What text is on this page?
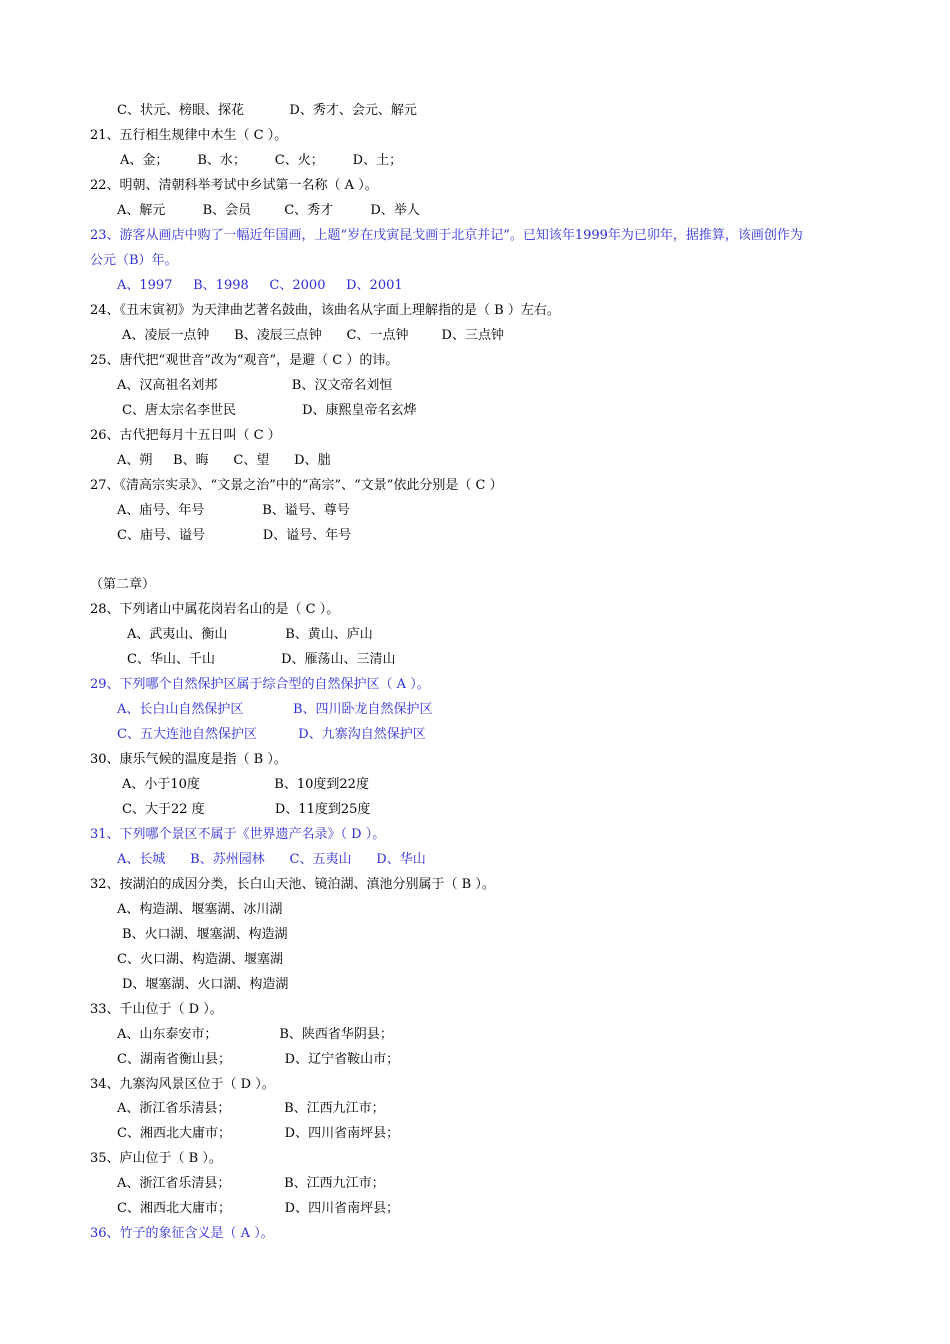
C、状元、榜眼、探花           D、秀才、会元、解元
21、五行相生规律中木生（ C ）。
A、金；       B、水；       C、火；       D、土；
22、明朝、清朝科举考试中乡试第一名称（ A ）。
A、解元         B、会员        C、秀才         D、举人
23、游客从画店中购了一幅近年国画，上题“岁在戊寅昆戈画于北京并记”。已知该年1999年为已卯年，据推算，该画创作为
公元（B）年。
A、1997     B、1998     C、2000     D、2001
24、《丑末寅初》为天津曲艺著名鼓曲，该曲名从字面上理解指的是（ B ）左右。
A、凌辰一点钟      B、凌辰三点钟      C、一点钟        D、三点钟
25、唐代把“观世音”改为“观音”，是避（ C ）的讳。
A、汉高祖名刘邦                  B、汉文帝名刘恒
C、唐太宗名李世民                D、康熙皇帝名玄烨
26、古代把每月十五日叫（ C ）
A、朔     B、晦      C、望      D、朏
27、《清高宗实录》、“文景之治”中的“高宗”、“文景”依此分别是（ C ）
A、庙号、年号              B、谥号、尊号
C、庙号、谥号              D、谥号、年号
（第二章）
28、下列诸山中属花岗岩名山的是（ C ）。
A、武夷山、衡山              B、黄山、庐山
C、华山、千山                D、雁荡山、三清山
29、下列哪个自然保护区属于综合型的自然保护区（ A ）。
A、长白山自然保护区            B、四川卧龙自然保护区
C、五大连池自然保护区          D、九寨沟自然保护区
30、康乐气候的温度是指（ B ）。
A、小于10度                  B、10度到22度
C、大于22 度                 D、11度到25度
31、下列哪个景区不属于《世界遗产名录》（ D ）。
A、长城      B、苏州园林      C、五夷山      D、华山
32、按湖泊的成因分类，长白山天池、镜泊湖、滇池分别属于（ B ）。
A、构造湖、堰塞湖、冰川湖
B、火口湖、堰塞湖、构造湖
C、火口湖、构造湖、堰塞湖
D、堰塞湖、火口湖、构造湖
33、千山位于（ D ）。
A、山东泰安市；               B、陕西省华阴县；
C、湖南省衡山县；             D、辽宁省鞍山市；
34、九寨沟风景区位于（ D ）。
A、浙江省乐清县；             B、江西九江市；
C、湘西北大庸市；             D、四川省南坪县；
35、庐山位于（ B ）。
A、浙江省乐清县；             B、江西九江市；
C、湘西北大庸市；             D、四川省南坪县；
36、竹子的象征含义是（ A ）。
